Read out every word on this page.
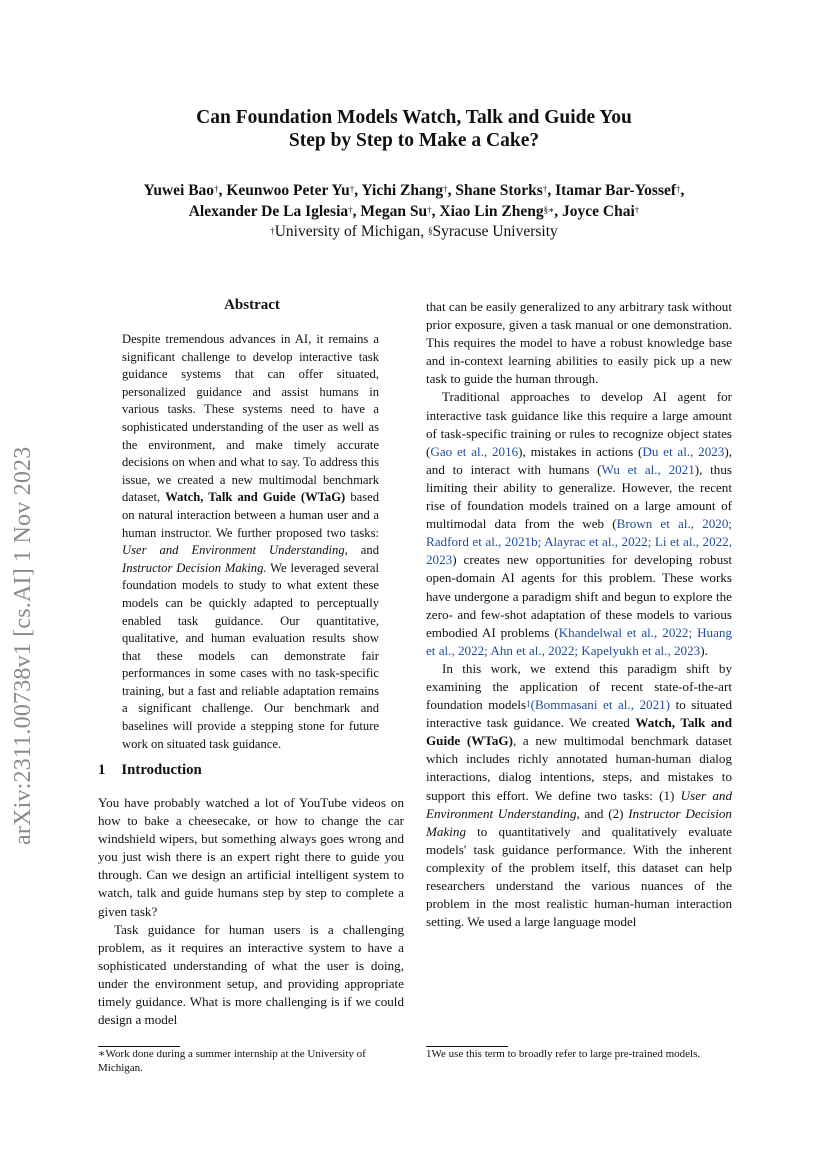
arXiv:2311.00738v1 [cs.AI] 1 Nov 2023
Can Foundation Models Watch, Talk and Guide You
Step by Step to Make a Cake?
Yuwei Bao†, Keunwoo Peter Yu†, Yichi Zhang†, Shane Storks†, Itamar Bar-Yossef†,
Alexander De La Iglesia†, Megan Su†, Xiao Lin Zheng§∗, Joyce Chai†
†University of Michigan, §Syracuse University
Abstract
Despite tremendous advances in AI, it remains a significant challenge to develop interactive task guidance systems that can offer situated, personalized guidance and assist humans in various tasks. These systems need to have a sophisticated understanding of the user as well as the environment, and make timely accurate decisions on when and what to say. To address this issue, we created a new multimodal benchmark dataset, Watch, Talk and Guide (WTaG) based on natural interaction between a human user and a human instructor. We further proposed two tasks: User and Environment Understanding, and Instructor Decision Making. We leveraged several foundation models to study to what extent these models can be quickly adapted to perceptually enabled task guidance. Our quantitative, qualitative, and human evaluation results show that these models can demonstrate fair performances in some cases with no task-specific training, but a fast and reliable adaptation remains a significant challenge. Our benchmark and baselines will provide a stepping stone for future work on situated task guidance.
1 Introduction

You have probably watched a lot of YouTube videos on how to bake a cheesecake, or how to change the car windshield wipers, but something always goes wrong and you just wish there is an expert right there to guide you through. Can we design an artificial intelligent system to watch, talk and guide humans step by step to complete a given task?

Task guidance for human users is a challenging problem, as it requires an interactive system to have a sophisticated understanding of what the user is doing, under the environment setup, and providing appropriate timely guidance. What is more challenging is if we could design a model

∗Work done during a summer internship at the University of Michigan.

that can be easily generalized to any arbitrary task without prior exposure, given a task manual or one demonstration. This requires the model to have a robust knowledge base and in-context learning abilities to easily pick up a new task to guide the human through.

Traditional approaches to develop AI agent for interactive task guidance like this require a large amount of task-specific training or rules to recognize object states (Gao et al., 2016), mistakes in actions (Du et al., 2023), and to interact with humans (Wu et al., 2021), thus limiting their ability to generalize. However, the recent rise of foundation models trained on a large amount of multimodal data from the web (Brown et al., 2020; Radford et al., 2021b; Alayrac et al., 2022; Li et al., 2022, 2023) creates new opportunities for developing robust open-domain AI agents for this problem. These works have undergone a paradigm shift and begun to explore the zero- and few-shot adaptation of these models to various embodied AI problems (Khandelwal et al., 2022; Huang et al., 2022; Ahn et al., 2022; Kapelyukh et al., 2023).

In this work, we extend this paradigm shift by examining the application of recent state-of-the-art foundation models$^1$(Bommasani et al., 2021) to situated interactive task guidance. We created Watch, Talk and Guide (WTaG), a new multimodal benchmark dataset which includes richly annotated human-human dialog interactions, dialog intentions, steps, and mistakes to support this effort. We define two tasks: (1) User and Environment Understanding, and (2) Instructor Decision Making to quantitatively and qualitatively evaluate models' task guidance performance. With the inherent complexity of the problem itself, this dataset can help researchers understand the various nuances of the problem in the most realistic human-human interaction setting. We used a large language model

1We use this term to broadly refer to large pre-trained models.
